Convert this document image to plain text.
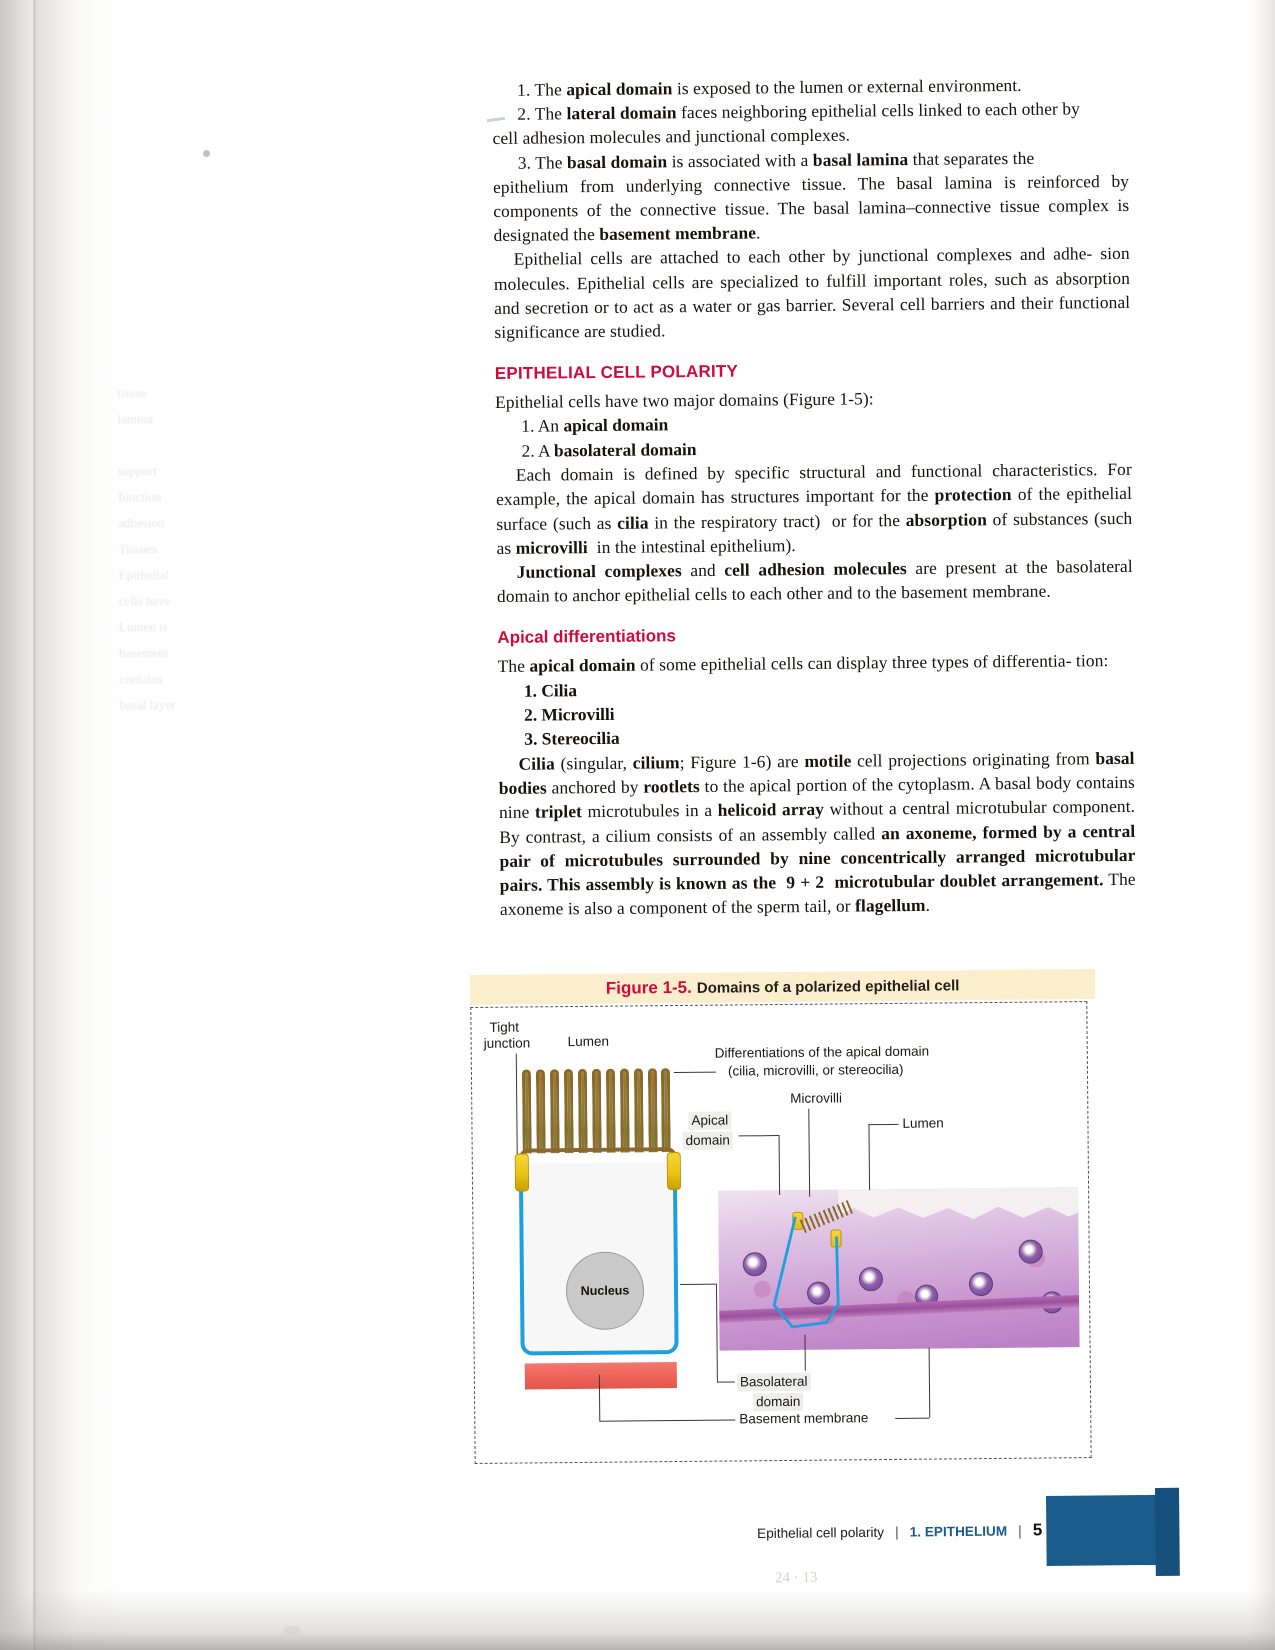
1. The apical domain is exposed to the lumen or external environment.

2. The lateral domain faces neighboring epithelial cells linked to each other by

cell adhesion molecules and junctional complexes.

3. The basal domain is associated with a basal lamina that separates the

epithelium from underlying connective tissue. The basal lamina is reinforced by components of the connective tissue. The basal lamina–connective tissue complex is designated the basement membrane.

Epithelial cells are attached to each other by junctional complexes and adhe- sion molecules. Epithelial cells are specialized to fulfill important roles, such as absorption and secretion or to act as a water or gas barrier. Several cell barriers and their functional significance are studied.

EPITHELIAL CELL POLARITY

Epithelial cells have two major domains (Figure 1-5):

1. An apical domain

2. A basolateral domain

Each domain is defined by specific structural and functional characteristics. For example, the apical domain has structures important for the protection of the epithelial surface (such as cilia in the respiratory tract)  or for the absorption of substances (such as microvilli  in the intestinal epithelium).

Junctional complexes and cell adhesion molecules are present at the basolateral domain to anchor epithelial cells to each other and to the basement membrane.

Apical differentiations

The apical domain of some epithelial cells can display three types of differentia- tion:

1. Cilia

2. Microvilli

3. Stereocilia

Cilia (singular, cilium; Figure 1-6) are motile cell projections originating from basal bodies anchored by rootlets to the apical portion of the cytoplasm. A basal body contains nine triplet microtubules in a helicoid array without a central microtubular component. By contrast, a cilium consists of an assembly called an axoneme, formed by a central pair of microtubules surrounded by nine concentrically arranged microtubular pairs. This assembly is known as the  9 + 2  microtubular doublet arrangement. The axoneme is also a component of the sperm tail, or flagellum.

Figure 1-5. Domains of a polarized epithelial cell
Tight
junction	Lumen
Differentiations of the apical domain
(cilia, microvilli, or stereocilia)
Nucleus
Apical
domain
Microvilli
Lumen
Basolateral
domain
Basement membrane
Epithelial cell polarity | 1. EPITHELIUM | 5
24 · 13
